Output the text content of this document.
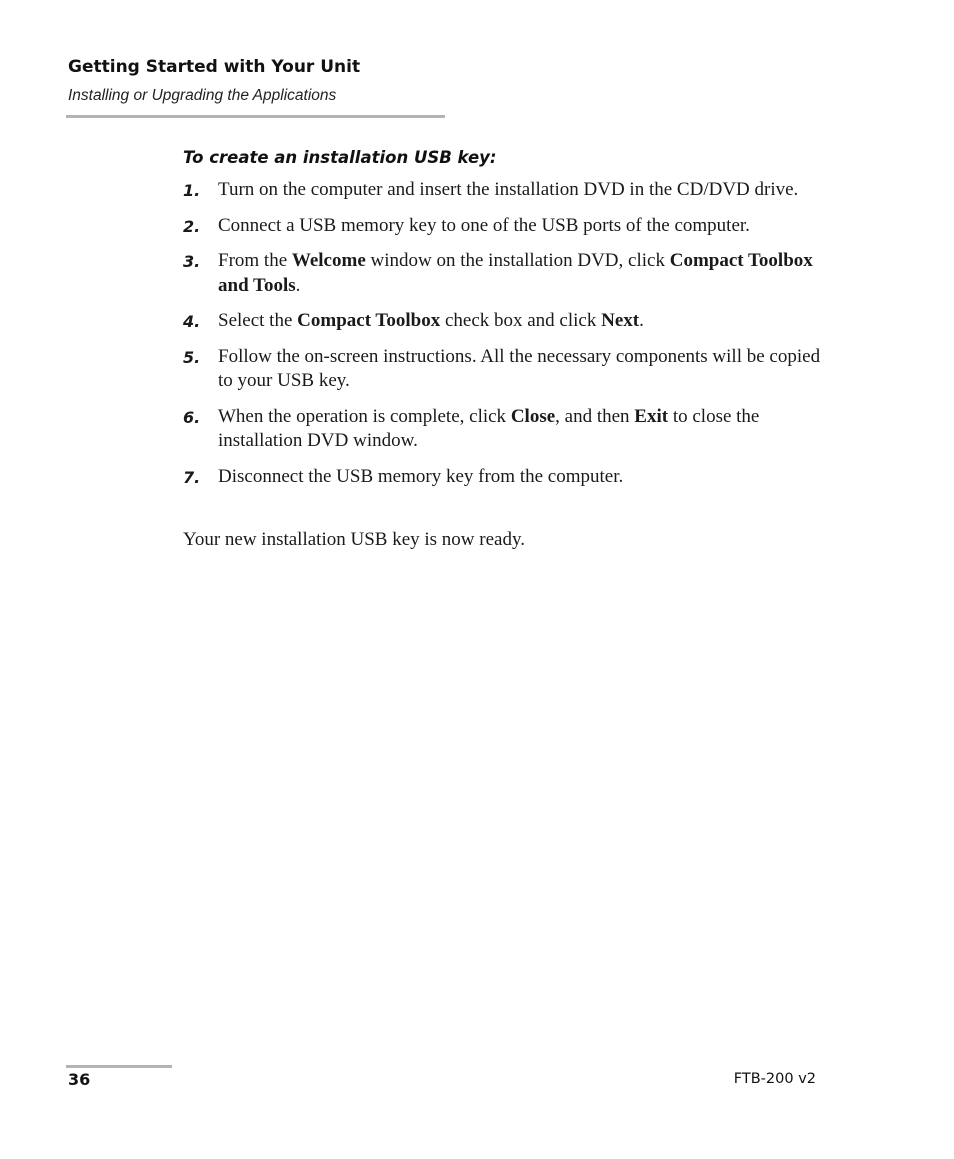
Getting Started with Your Unit
Installing or Upgrading the Applications
To create an installation USB key:
1. Turn on the computer and insert the installation DVD in the CD/DVD drive.
2. Connect a USB memory key to one of the USB ports of the computer.
3. From the Welcome window on the installation DVD, click Compact Toolbox and Tools.
4. Select the Compact Toolbox check box and click Next.
5. Follow the on-screen instructions. All the necessary components will be copied to your USB key.
6. When the operation is complete, click Close, and then Exit to close the installation DVD window.
7. Disconnect the USB memory key from the computer.
Your new installation USB key is now ready.
36	FTB-200 v2
